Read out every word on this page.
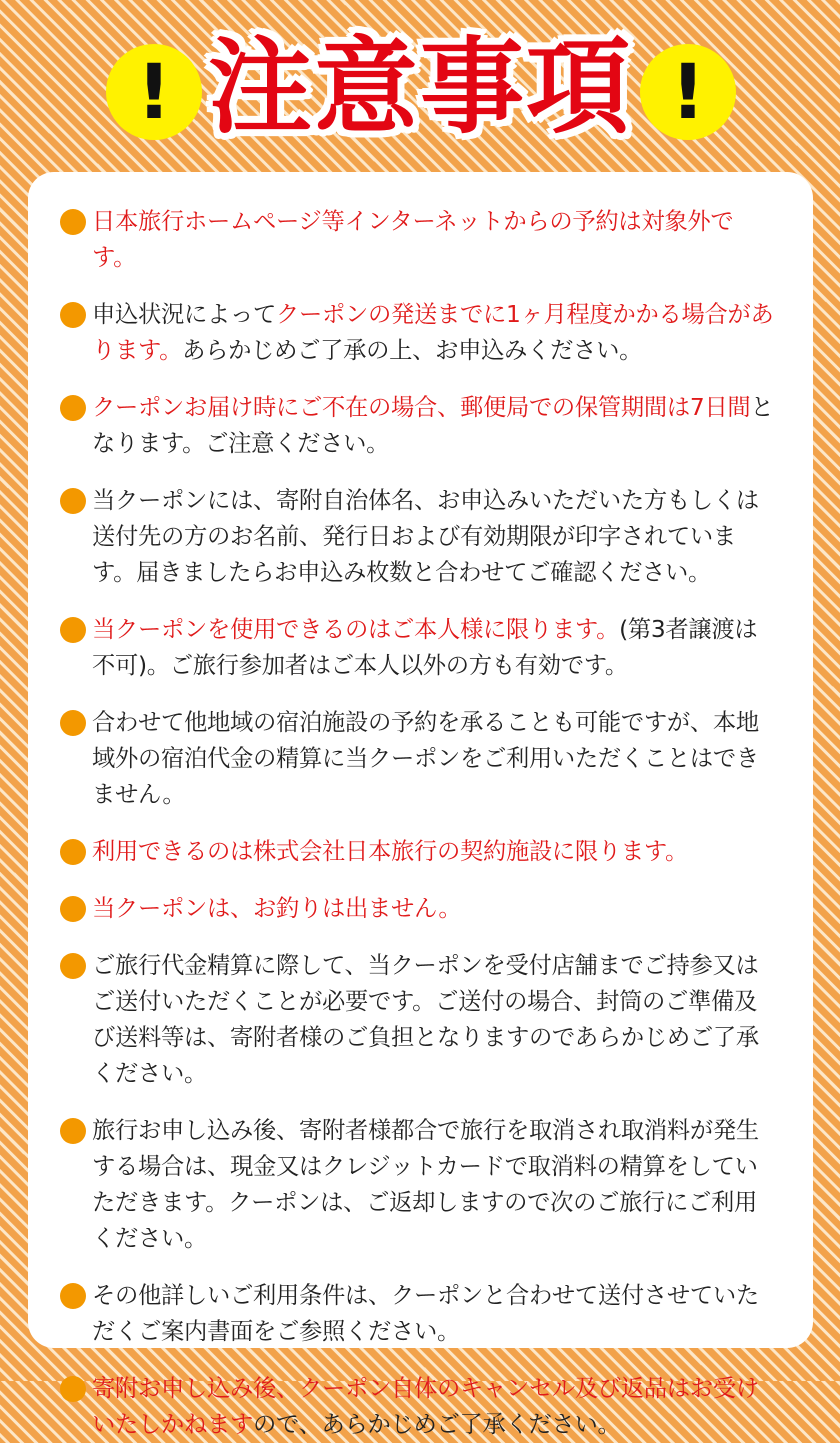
! 注意事項 !
日本旅行ホームページ等インターネットからの予約は対象外です。
申込状況によってクーポンの発送までに1ヶ月程度かかる場合があります。あらかじめご了承の上、お申込みください。
クーポンお届け時にご不在の場合、郵便局での保管期間は7日間となります。ご注意ください。
当クーポンには、寄附自治体名、お申込みいただいた方もしくは送付先の方のお名前、発行日および有効期限が印字されています。届きましたらお申込み枚数と合わせてご確認ください。
当クーポンを使用できるのはご本人様に限ります。(第3者譲渡は不可)。ご旅行参加者はご本人以外の方も有効です。
合わせて他地域の宿泊施設の予約を承ることも可能ですが、本地域外の宿泊代金の精算に当クーポンをご利用いただくことはできません。
利用できるのは株式会社日本旅行の契約施設に限ります。
当クーポンは、お釣りは出ません。
ご旅行代金精算に際して、当クーポンを受付店舗までご持参又はご送付いただくことが必要です。ご送付の場合、封筒のご準備及び送料等は、寄附者様のご負担となりますのであらかじめご了承ください。
旅行お申し込み後、寄附者様都合で旅行を取消され取消料が発生する場合は、現金又はクレジットカードで取消料の精算をしていただきます。クーポンは、ご返却しますので次のご旅行にご利用ください。
その他詳しいご利用条件は、クーポンと合わせて送付させていただくご案内書面をご参照ください。
寄附お申し込み後、クーポン自体のキャンセル及び返品はお受けいたしかねますので、あらかじめご了承ください。
